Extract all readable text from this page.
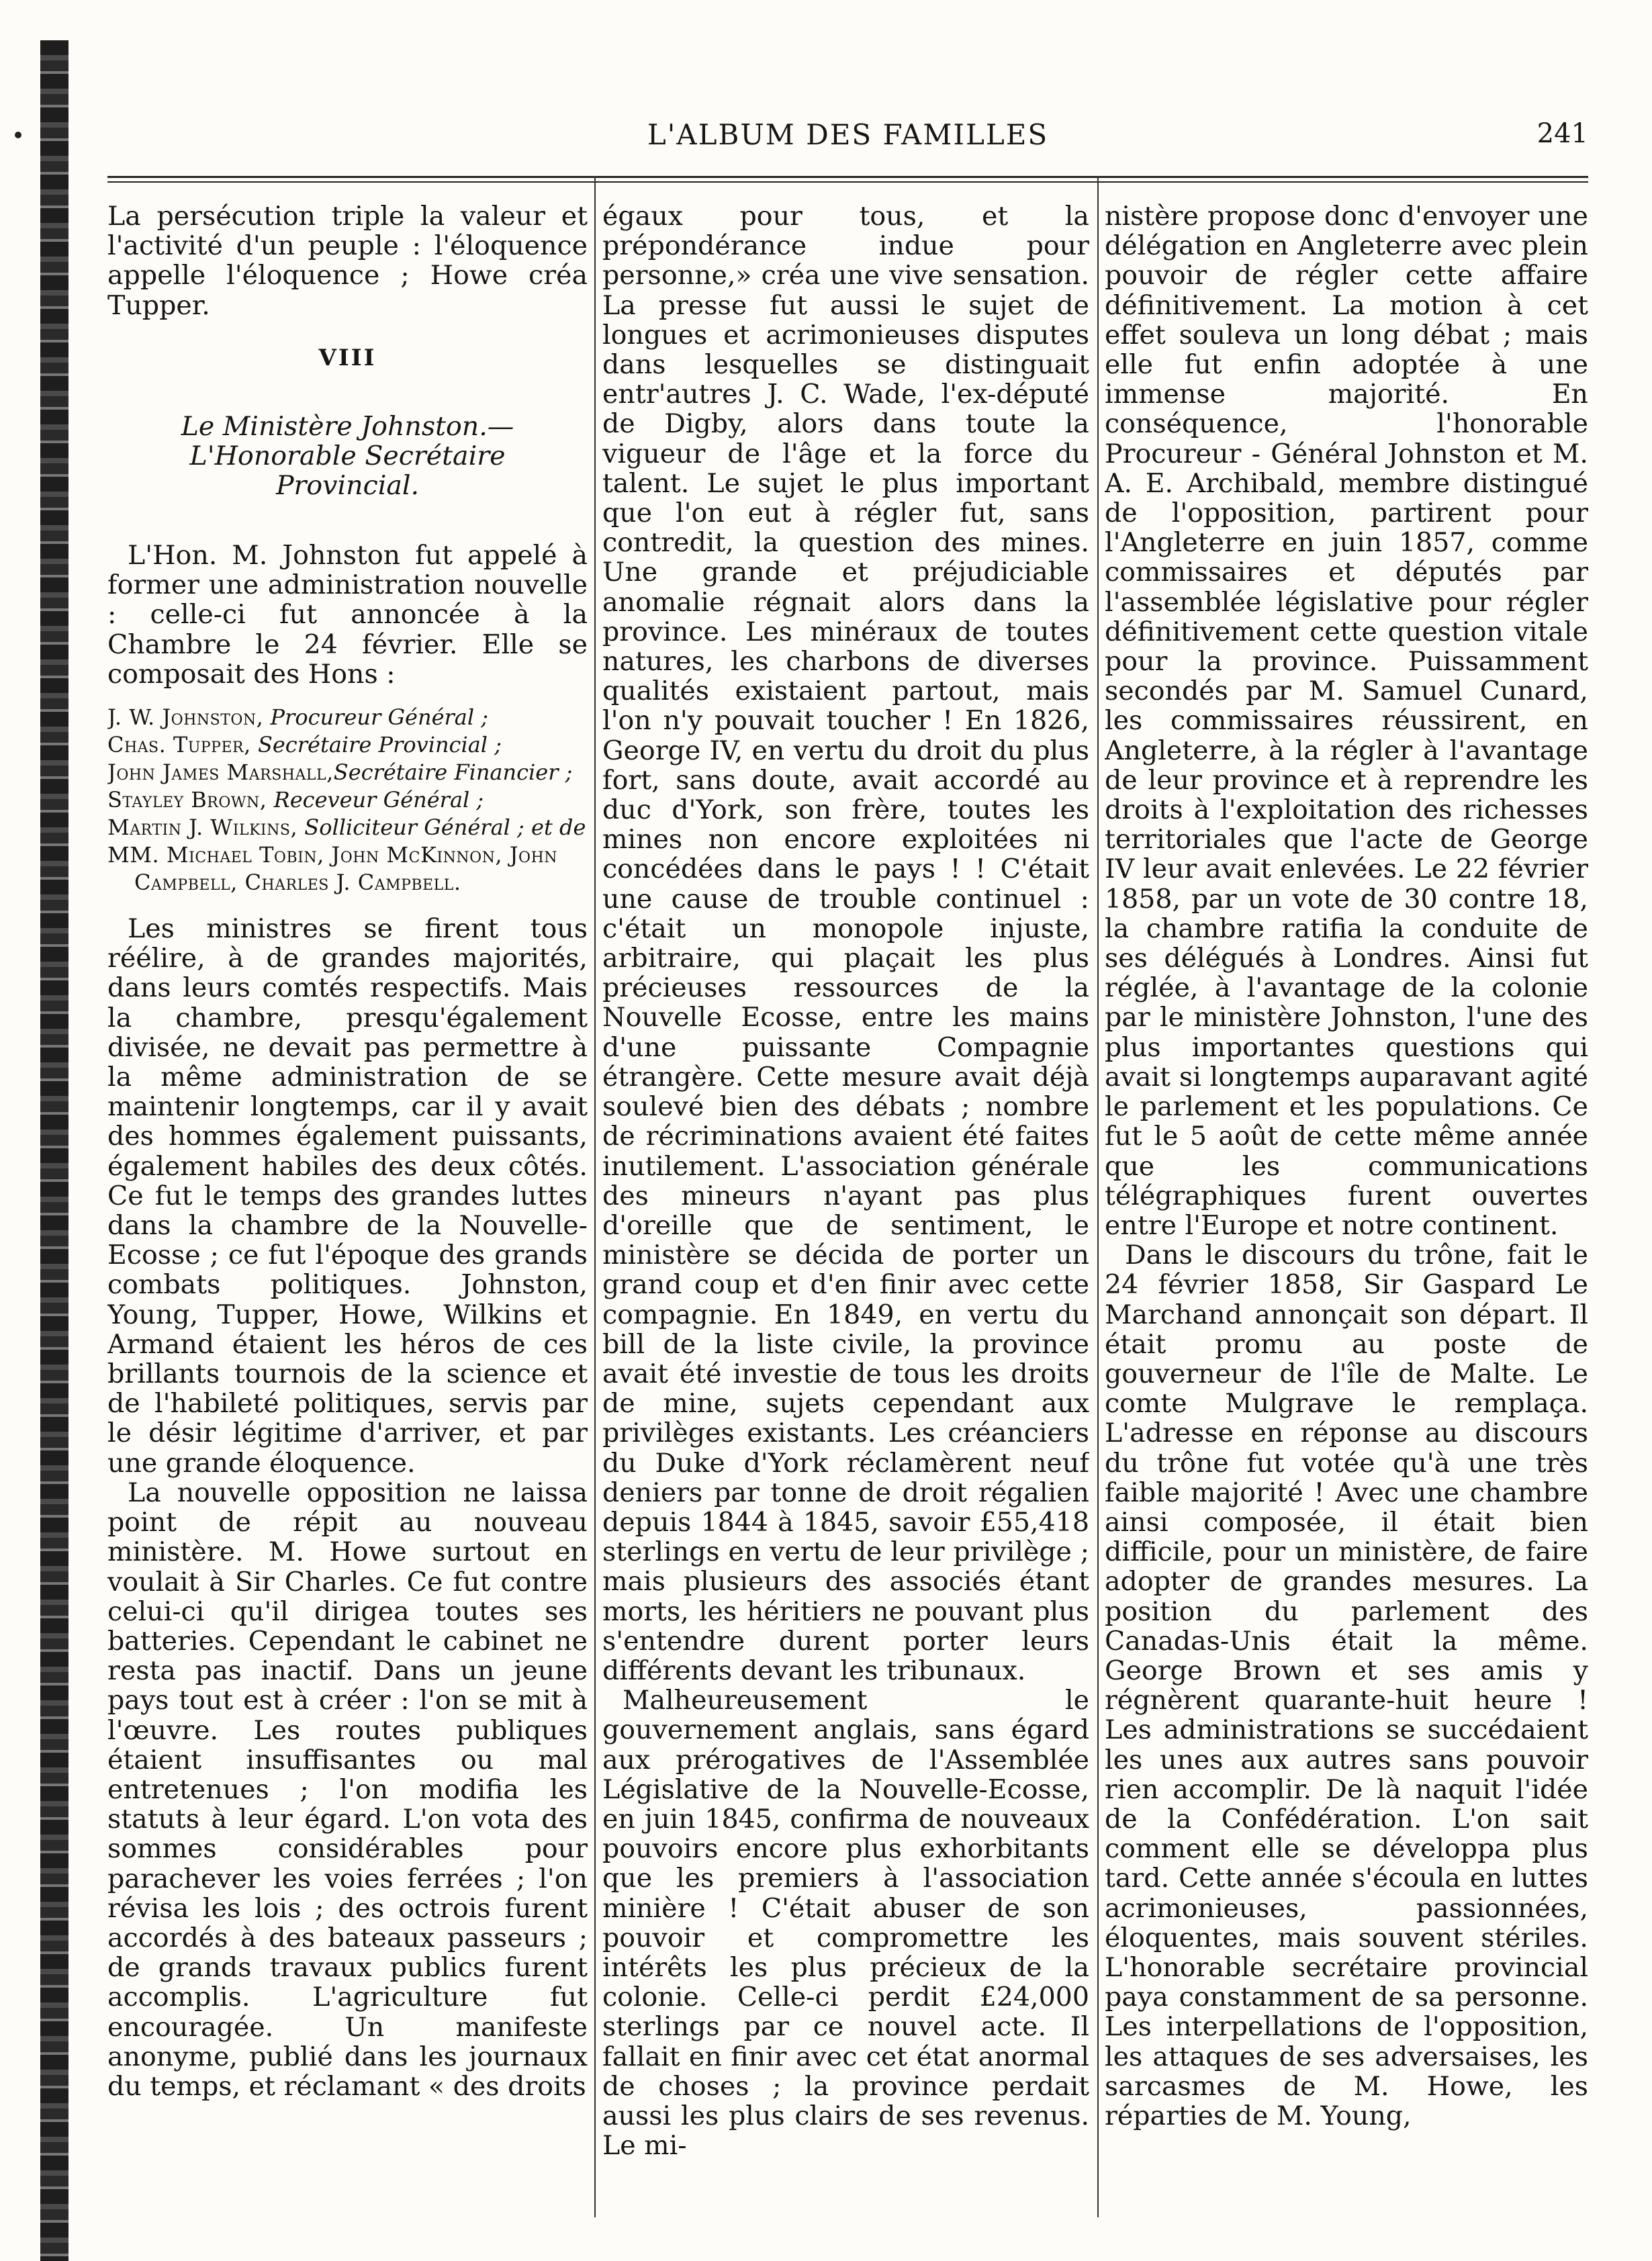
L'ALBUM DES FAMILLES	241

La persécution triple la valeur et l'activité d'un peuple : l'éloquence appelle l'éloquence ; Howe créa Tupper.

VIII
Le Ministère Johnston.—L'Honorable Secrétaire Provincial.

L'Hon. M. Johnston fut appelé à former une administration nouvelle : celle-ci fut annoncée à la Chambre le 24 février. Elle se composait des Hons :

J. W. Johnston, Procureur Général ;
Chas. Tupper, Secrétaire Provincial ;
John James Marshall,Secrétaire Financier ;
Stayley Brown, Receveur Général ;
Martin J. Wilkins, Solliciteur Général ; et de
MM. Michael Tobin, John McKinnon, John Campbell, Charles J. Campbell.

Les ministres se firent tous réélire, à de grandes majorités, dans leurs comtés respectifs. Mais la chambre, presqu'également divisée, ne devait pas permettre à la même administration de se maintenir longtemps, car il y avait des hommes également puissants, également habiles des deux côtés. Ce fut le temps des grandes luttes dans la chambre de la Nouvelle-Ecosse ; ce fut l'époque des grands combats politiques. Johnston, Young, Tupper, Howe, Wilkins et Armand étaient les héros de ces brillants tournois de la science et de l'habileté politiques, servis par le désir légitime d'arriver, et par une grande éloquence.

La nouvelle opposition ne laissa point de répit au nouveau ministère. M. Howe surtout en voulait à Sir Charles. Ce fut contre celui-ci qu'il dirigea toutes ses batteries. Cependant le cabinet ne resta pas inactif. Dans un jeune pays tout est à créer : l'on se mit à l'œuvre. Les routes publiques étaient insuffisantes ou mal entretenues ; l'on modifia les statuts à leur égard. L'on vota des sommes considérables pour parachever les voies ferrées ; l'on révisa les lois ; des octrois furent accordés à des bateaux passeurs ; de grands travaux publics furent accomplis. L'agriculture fut encouragée. Un manifeste anonyme, publié dans les journaux du temps, et réclamant « des droits

égaux pour tous, et la prépondérance indue pour personne,» créa une vive sensation. La presse fut aussi le sujet de longues et acrimonieuses disputes dans lesquelles se distinguait entr'autres J. C. Wade, l'ex-député de Digby, alors dans toute la vigueur de l'âge et la force du talent. Le sujet le plus important que l'on eut à régler fut, sans contredit, la question des mines. Une grande et préjudiciable anomalie régnait alors dans la province. Les minéraux de toutes natures, les charbons de diverses qualités existaient partout, mais l'on n'y pouvait toucher ! En 1826, George IV, en vertu du droit du plus fort, sans doute, avait accordé au duc d'York, son frère, toutes les mines non encore exploitées ni concédées dans le pays ! ! C'était une cause de trouble continuel : c'était un monopole injuste, arbitraire, qui plaçait les plus précieuses ressources de la Nouvelle Ecosse, entre les mains d'une puissante Compagnie étrangère. Cette mesure avait déjà soulevé bien des débats ; nombre de récriminations avaient été faites inutilement. L'association générale des mineurs n'ayant pas plus d'oreille que de sentiment, le ministère se décida de porter un grand coup et d'en finir avec cette compagnie. En 1849, en vertu du bill de la liste civile, la province avait été investie de tous les droits de mine, sujets cependant aux privilèges existants. Les créanciers du Duke d'York réclamèrent neuf deniers par tonne de droit régalien depuis 1844 à 1845, savoir £55,418 sterlings en vertu de leur privilège ; mais plusieurs des associés étant morts, les héritiers ne pouvant plus s'entendre durent porter leurs différents devant les tribunaux.

Malheureusement le gouvernement anglais, sans égard aux prérogatives de l'Assemblée Législative de la Nouvelle-Ecosse, en juin 1845, confirma de nouveaux pouvoirs encore plus exhorbitants que les premiers à l'association minière ! C'était abuser de son pouvoir et compromettre les intérêts les plus précieux de la colonie. Celle-ci perdit £24,000 sterlings par ce nouvel acte. Il fallait en finir avec cet état anormal de choses ; la province perdait aussi les plus clairs de ses revenus. Le mi-

nistère propose donc d'envoyer une délégation en Angleterre avec plein pouvoir de régler cette affaire définitivement. La motion à cet effet souleva un long débat ; mais elle fut enfin adoptée à une immense majorité. En conséquence, l'honorable Procureur - Général Johnston et M. A. E. Archibald, membre distingué de l'opposition, partirent pour l'Angleterre en juin 1857, comme commissaires et députés par l'assemblée législative pour régler définitivement cette question vitale pour la province. Puissamment secondés par M. Samuel Cunard, les commissaires réussirent, en Angleterre, à la régler à l'avantage de leur province et à reprendre les droits à l'exploitation des richesses territoriales que l'acte de George IV leur avait enlevées. Le 22 février 1858, par un vote de 30 contre 18, la chambre ratifia la conduite de ses délégués à Londres. Ainsi fut réglée, à l'avantage de la colonie par le ministère Johnston, l'une des plus importantes questions qui avait si longtemps auparavant agité le parlement et les populations. Ce fut le 5 août de cette même année que les communications télégraphiques furent ouvertes entre l'Europe et notre continent.

Dans le discours du trône, fait le 24 février 1858, Sir Gaspard Le Marchand annonçait son départ. Il était promu au poste de gouverneur de l'île de Malte. Le comte Mulgrave le remplaça. L'adresse en réponse au discours du trône fut votée qu'à une très faible majorité ! Avec une chambre ainsi composée, il était bien difficile, pour un ministère, de faire adopter de grandes mesures. La position du parlement des Canadas-Unis était la même. George Brown et ses amis y régnèrent quarante-huit heure ! Les administrations se succédaient les unes aux autres sans pouvoir rien accomplir. De là naquit l'idée de la Confédération. L'on sait comment elle se développa plus tard. Cette année s'écoula en luttes acrimonieuses, passionnées, éloquentes, mais souvent stériles. L'honorable secrétaire provincial paya constamment de sa personne. Les interpellations de l'opposition, les attaques de ses adversaises, les sarcasmes de M. Howe, les réparties de M. Young,
